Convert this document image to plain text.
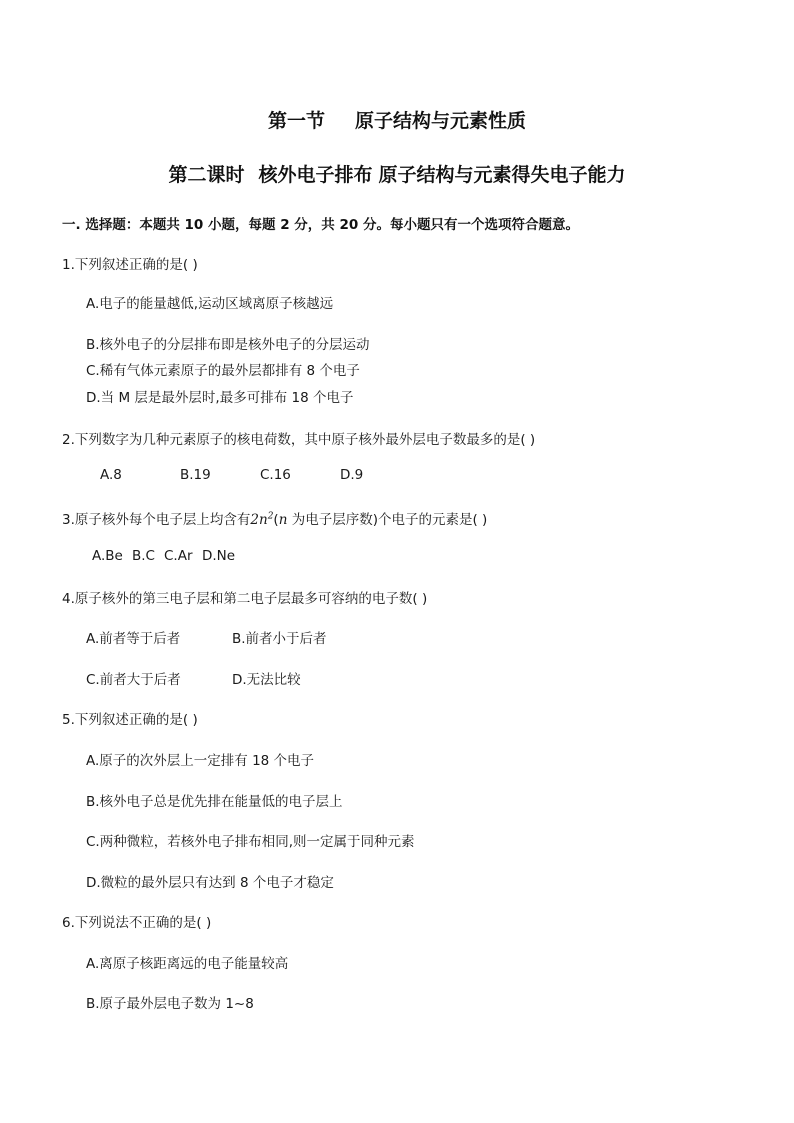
第一节 原子结构与元素性质
第二课时 核外电子排布 原子结构与元素得失电子能力
一. 选择题：本题共 10 小题，每题 2 分，共 20 分。每小题只有一个选项符合题意。
1.下列叙述正确的是( )
A.电子的能量越低,运动区域离原子核越远
B.核外电子的分层排布即是核外电子的分层运动
C.稀有气体元素原子的最外层都排有 8 个电子
D.当 M 层是最外层时,最多可排布 18 个电子
2.下列数字为几种元素原子的核电荷数，其中原子核外最外层电子数最多的是( )
A.8	B.19	C.16	D.9
3.原子核外每个电子层上均含有$2n^2(n$ 为电子层序数)个电子的元素是( )
A.Be B.C C.Ar D.Ne
4.原子核外的第三电子层和第二电子层最多可容纳的电子数( )
A.前者等于后者	B.前者小于后者
C.前者大于后者	D.无法比较
5.下列叙述正确的是( )
A.原子的次外层上一定排有 18 个电子
B.核外电子总是优先排在能量低的电子层上
C.两种微粒，若核外电子排布相同,则一定属于同种元素
D.微粒的最外层只有达到 8 个电子才稳定
6.下列说法不正确的是( )
A.离原子核距离远的电子能量较高
B.原子最外层电子数为 1~8
